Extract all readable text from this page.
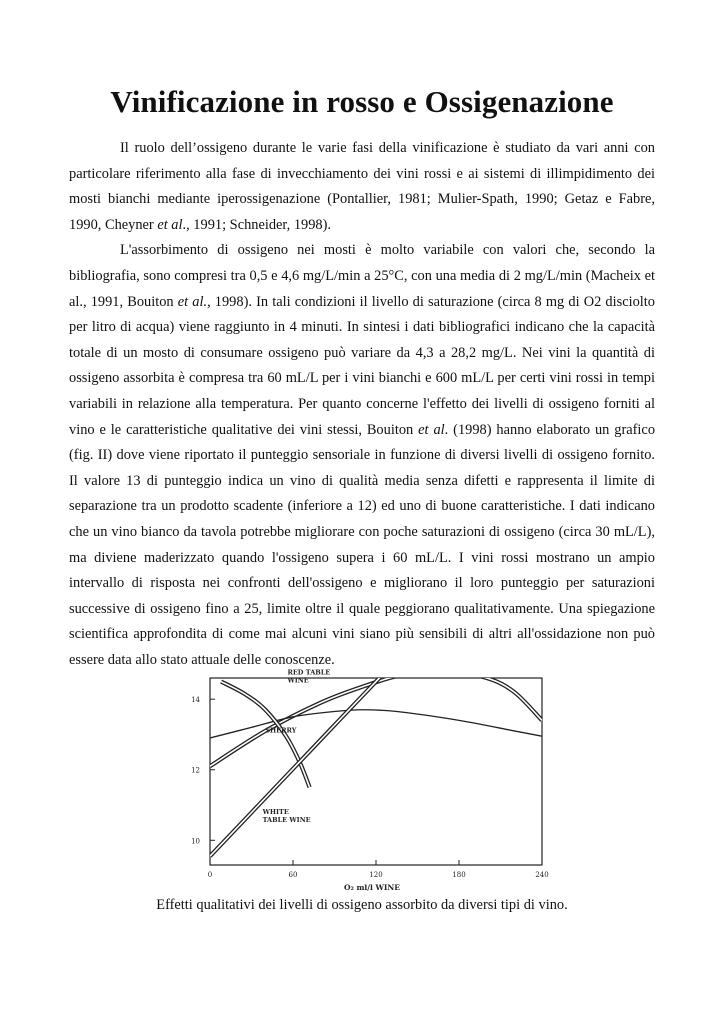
Vinificazione in rosso e Ossigenazione

Il ruolo dell’ossigeno durante le varie fasi della vinificazione è studiato da vari anni con particolare riferimento alla fase di invecchiamento dei vini rossi e ai sistemi di illimpidimento dei mosti bianchi mediante iperossigenazione (Pontallier, 1981; Mulier-Spath, 1990; Getaz e Fabre, 1990, Cheyner et al., 1991; Schneider, 1998).

L'assorbimento di ossigeno nei mosti è molto variabile con valori che, secondo la bibliografia, sono compresi tra 0,5 e 4,6 mg/L/min a 25°C, con una media di 2 mg/L/min (Macheix et al., 1991, Bouiton et al., 1998). In tali condizioni il livello di saturazione (circa 8 mg di O2 disciolto per litro di acqua) viene raggiunto in 4 minuti. In sintesi i dati bibliografici indicano che la capacità totale di un mosto di consumare ossigeno può variare da 4,3 a 28,2 mg/L. Nei vini la quantità di ossigeno assorbita è compresa tra 60 mL/L per i vini bianchi e 600 mL/L per certi vini rossi in tempi variabili in relazione alla temperatura. Per quanto concerne l'effetto dei livelli di ossigeno forniti al vino e le caratteristiche qualitative dei vini stessi, Bouiton et al. (1998) hanno elaborato un grafico (fig. II) dove viene riportato il punteggio sensoriale in funzione di diversi livelli di ossigeno fornito. Il valore 13 di punteggio indica un vino di qualità media senza difetti e rappresenta il limite di separazione tra un prodotto scadente (inferiore a 12) ed uno di buone caratteristiche. I dati indicano che un vino bianco da tavola potrebbe migliorare con poche saturazioni di ossigeno (circa 30 mL/L), ma diviene maderizzato quando l'ossigeno supera i 60 mL/L. I vini rossi mostrano un ampio intervallo di risposta nei confronti dell'ossigeno e migliorano il loro punteggio per saturazioni successive di ossigeno fino a 25, limite oltre il quale peggiorano qualitativamente. Una spiegazione scientifica approfondita di come mai alcuni vini siano più sensibili di altri all'ossidazione non può essere data allo stato attuale delle conoscenze.

10
12
14
0	60	120	180	240
O₂ ml/l WINE
RED TABLE
WINE
SHERRY
WHITE
TABLE WINE
Effetti qualitativi dei livelli di ossigeno assorbito da diversi tipi di vino.
